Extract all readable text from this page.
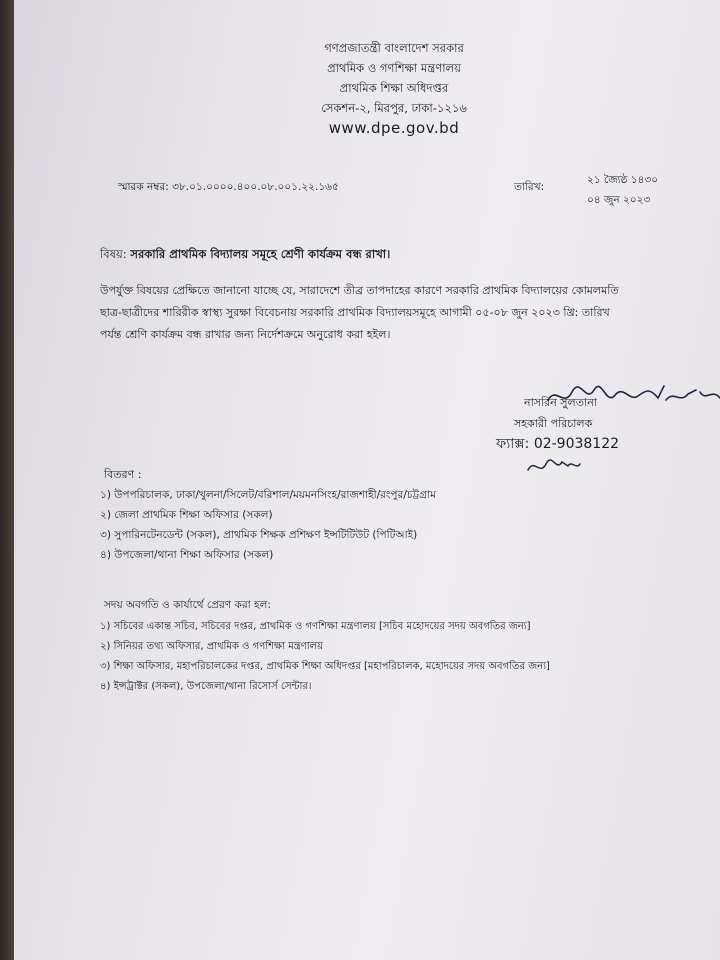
গণপ্রজাতন্ত্রী বাংলাদেশ সরকার
প্রাথমিক ও গণশিক্ষা মন্ত্রণালয়
প্রাথমিক শিক্ষা অধিদপ্তর
সেকশন-২, মিরপুর, ঢাকা-১২১৬
www.dpe.gov.bd
স্মারক নম্বর: ৩৮.০১.০০০০.৪০০.০৮.০০১.২২.১৬৫	তারিখ:
২১ জ্যৈষ্ঠ ১৪৩০
০৪ জুন ২০২৩
বিষয়: সরকারি প্রাথমিক বিদ্যালয় সমূহে শ্রেণী কার্যক্রম বন্ধ রাখা।
উপর্যুক্ত বিষয়ের প্রেক্ষিতে জানানো যাচ্ছে যে, সারাদেশে তীব্র তাপদাহের কারণে সরকারি প্রাথমিক বিদ্যালয়ের কোমলমতি
ছাত্র-ছাত্রীদের শারিরীক স্বাস্থ্য সুরক্ষা বিবেচনায় সরকারি প্রাথমিক বিদ্যালয়সমূহে আগামী ০৫-০৮ জুন ২০২৩ খ্রি: তারিখ
পর্যন্ত শ্রেণি কার্যক্রম বন্ধ রাখার জন্য নির্দেশক্রমে অনুরোধ করা হইল।
নাসরিন সুলতানা
সহকারী পরিচালক
ফ্যাক্স: 02-9038122
বিতরণ :
১) উপপরিচালক, ঢাকা/খুলনা/সিলেট/বরিশাল/ময়মনসিংহ/রাজশাহী/রংপুর/চট্টগ্রাম
২) জেলা প্রাথমিক শিক্ষা অফিসার (সকল)
৩) সুপারিনটেনডেন্ট (সকল), প্রাথমিক শিক্ষক প্রশিক্ষণ ইন্সটিটিউট (পিটিআই)
৪) উপজেলা/থানা শিক্ষা অফিসার (সকল)
সদয় অবগতি ও কার্যার্থে প্রেরণ করা হল:
১) সচিবের একান্ত সচিব, সচিবের দপ্তর, প্রাথমিক ও গণশিক্ষা মন্ত্রণালয় [সচিব মহোদয়ের সদয় অবগতির জন্য]
২) সিনিয়র তথ্য অফিসার, প্রাথমিক ও গণশিক্ষা মন্ত্রণালয়
৩) শিক্ষা অফিসার, মহাপরিচালকের দপ্তর, প্রাথমিক শিক্ষা অধিদপ্তর [মহাপরিচালক, মহোদয়ের সদয় অবগতির জন্য]
৪) ইন্সট্রাক্টর (সকল), উপজেলা/থানা রিসোর্স সেন্টার।
